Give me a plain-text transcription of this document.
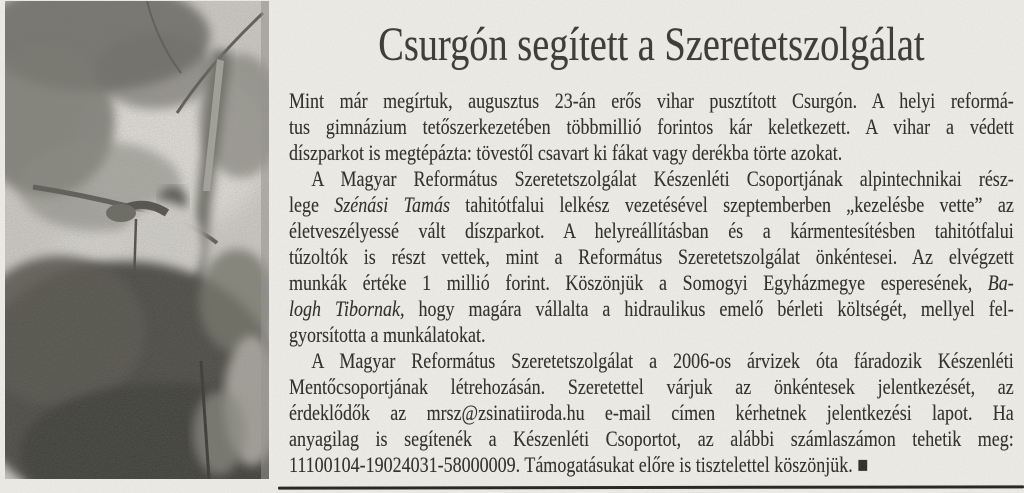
Csurgón segített a Szeretetszolgálat
Mint már megírtuk, augusztus 23-án erős vihar pusztított Csurgón. A helyi reformá-
tus gimnázium tetőszerkezetében többmillió forintos kár keletkezett. A vihar a védett
díszparkot is megtépázta: tövestől csavart ki fákat vagy derékba törte azokat.
A Magyar Református Szeretetszolgálat Készenléti Csoportjának alpintechnikai rész-
lege Szénási Tamás tahitótfalui lelkész vezetésével szeptemberben „kezelésbe vette” az
életveszélyessé vált díszparkot. A helyreállításban és a kármentesítésben tahitótfalui
tűzoltók is részt vettek, mint a Református Szeretetszolgálat önkéntesei. Az elvégzett
munkák értéke 1 millió forint. Köszönjük a Somogyi Egyházmegye esperesének, Ba-
logh Tibornak, hogy magára vállalta a hidraulikus emelő bérleti költségét, mellyel fel-
gyorsította a munkálatokat.
A Magyar Református Szeretetszolgálat a 2006-os árvizek óta fáradozik Készenléti
Mentőcsoportjának létrehozásán. Szeretettel várjuk az önkéntesek jelentkezését, az
érdeklődők az mrsz@zsinatiiroda.hu e-mail címen kérhetnek jelentkezési lapot. Ha
anyagilag is segítenék a Készenléti Csoportot, az alábbi számlaszámon tehetik meg:
11100104-19024031-58000009. Támogatásukat előre is tisztelettel köszönjük. ■
